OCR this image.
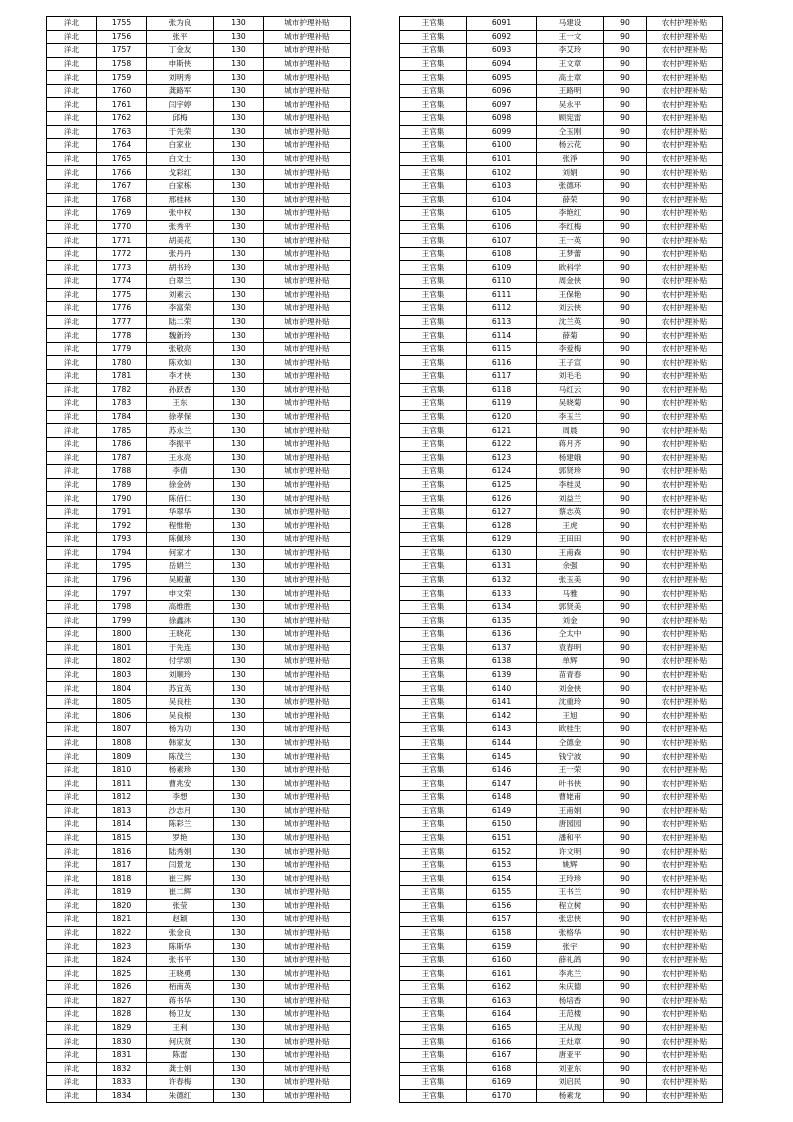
洋北	1755	张为良	130	城市护理补贴
洋北	1756	张平	130	城市护理补贴
洋北	1757	丁金友	130	城市护理补贴
洋北	1758	申斯侠	130	城市护理补贴
洋北	1759	刘明秀	130	城市护理补贴
洋北	1760	龚路军	130	城市护理补贴
洋北	1761	闫宇婷	130	城市护理补贴
洋北	1762	邱梅	130	城市护理补贴
洋北	1763	于先荣	130	城市护理补贴
洋北	1764	白家业	130	城市护理补贴
洋北	1765	白文士	130	城市护理补贴
洋北	1766	戈彩红	130	城市护理补贴
洋北	1767	白家栋	130	城市护理补贴
洋北	1768	邢桂林	130	城市护理补贴
洋北	1769	张中权	130	城市护理补贴
洋北	1770	张秀平	130	城市护理补贴
洋北	1771	胡美花	130	城市护理补贴
洋北	1772	张丹丹	130	城市护理补贴
洋北	1773	胡书玲	130	城市护理补贴
洋北	1774	白翠兰	130	城市护理补贴
洋北	1775	刘素云	130	城市护理补贴
洋北	1776	李富荣	130	城市护理补贴
洋北	1777	陆二荣	130	城市护理补贴
洋北	1778	魏新玲	130	城市护理补贴
洋北	1779	张敬亮	130	城市护理补贴
洋北	1780	陈欢如	130	城市护理补贴
洋北	1781	李才侠	130	城市护理补贴
洋北	1782	孙跃香	130	城市护理补贴
洋北	1783	王东	130	城市护理补贴
洋北	1784	徐孝保	130	城市护理补贴
洋北	1785	苏永兰	130	城市护理补贴
洋北	1786	李振平	130	城市护理补贴
洋北	1787	王永亮	130	城市护理补贴
洋北	1788	李倩	130	城市护理补贴
洋北	1789	徐金砖	130	城市护理补贴
洋北	1790	陈佰仁	130	城市护理补贴
洋北	1791	华翠华	130	城市护理补贴
洋北	1792	程惟艳	130	城市护理补贴
洋北	1793	陈佩珍	130	城市护理补贴
洋北	1794	何家才	130	城市护理补贴
洋北	1795	岳娟兰	130	城市护理补贴
洋北	1796	吴殿董	130	城市护理补贴
洋北	1797	申文荣	130	城市护理补贴
洋北	1798	高维胜	130	城市护理补贴
洋北	1799	徐鑫沐	130	城市护理补贴
洋北	1800	王晓花	130	城市护理补贴
洋北	1801	于先连	130	城市护理补贴
洋北	1802	付学颂	130	城市护理补贴
洋北	1803	刘顺玲	130	城市护理补贴
洋北	1804	苏宜英	130	城市护理补贴
洋北	1805	吴良柱	130	城市护理补贴
洋北	1806	吴良根	130	城市护理补贴
洋北	1807	杨为功	130	城市护理补贴
洋北	1808	韩家友	130	城市护理补贴
洋北	1809	陈茂兰	130	城市护理补贴
洋北	1810	杨素珍	130	城市护理补贴
洋北	1811	曹兆安	130	城市护理补贴
洋北	1812	李想	130	城市护理补贴
洋北	1813	沙志月	130	城市护理补贴
洋北	1814	陈彩兰	130	城市护理补贴
洋北	1815	罗艳	130	城市护理补贴
洋北	1816	陆秀娟	130	城市护理补贴
洋北	1817	闫景龙	130	城市护理补贴
洋北	1818	崔三辉	130	城市护理补贴
洋北	1819	崔二辉	130	城市护理补贴
洋北	1820	张莹	130	城市护理补贴
洋北	1821	赵颖	130	城市护理补贴
洋北	1822	张金良	130	城市护理补贴
洋北	1823	陈斯华	130	城市护理补贴
洋北	1824	张书平	130	城市护理补贴
洋北	1825	王晓勇	130	城市护理补贴
洋北	1826	栢南英	130	城市护理补贴
洋北	1827	蒋书华	130	城市护理补贴
洋北	1828	杨卫友	130	城市护理补贴
洋北	1829	王利	130	城市护理补贴
洋北	1830	何庆贤	130	城市护理补贴
洋北	1831	陈雷	130	城市护理补贴
洋北	1832	龚士娟	130	城市护理补贴
洋北	1833	许春梅	130	城市护理补贴
洋北	1834	朱德红	130	城市护理补贴
王官集	6091	马建设	90	农村护理补贴
王官集	6092	王一文	90	农村护理补贴
王官集	6093	李艾玲	90	农村护理补贴
王官集	6094	王文章	90	农村护理补贴
王官集	6095	高士章	90	农村护理补贴
王官集	6096	王路明	90	农村护理补贴
王官集	6097	吴永平	90	农村护理补贴
王官集	6098	顾宪雷	90	农村护理补贴
王官集	6099	仝玉刚	90	农村护理补贴
王官集	6100	杨云花	90	农村护理补贴
王官集	6101	张淨	90	农村护理补贴
王官集	6102	刘娟	90	农村护理补贴
王官集	6103	张德环	90	农村护理补贴
王官集	6104	薛荣	90	农村护理补贴
王官集	6105	李艳红	90	农村护理补贴
王官集	6106	李红梅	90	农村护理补贴
王官集	6107	王一英	90	农村护理补贴
王官集	6108	王梦蕾	90	农村护理补贴
王官集	6109	欧科学	90	农村护理补贴
王官集	6110	周金侠	90	农村护理补贴
王官集	6111	王保艳	90	农村护理补贴
王官集	6112	刘云侠	90	农村护理补贴
王官集	6113	沈兰英	90	农村护理补贴
王官集	6114	薛菊	90	农村护理补贴
王官集	6115	李爱梅	90	农村护理补贴
王官集	6116	王子宣	90	农村护理补贴
王官集	6117	刘毛毛	90	农村护理补贴
王官集	6118	马红云	90	农村护理补贴
王官集	6119	吴晓菊	90	农村护理补贴
王官集	6120	李玉兰	90	农村护理补贴
王官集	6121	周晨	90	农村护理补贴
王官集	6122	蒋月齐	90	农村护理补贴
王官集	6123	杨建娥	90	农村护理补贴
王官集	6124	郭贤珍	90	农村护理补贴
王官集	6125	李桂灵	90	农村护理补贴
王官集	6126	刘益兰	90	农村护理补贴
王官集	6127	蔡志英	90	农村护理补贴
王官集	6128	王虎	90	农村护理补贴
王官集	6129	王田田	90	农村护理补贴
王官集	6130	王甫森	90	农村护理补贴
王官集	6131	余强	90	农村护理补贴
王官集	6132	张玉美	90	农村护理补贴
王官集	6133	马雅	90	农村护理补贴
王官集	6134	郭贤美	90	农村护理补贴
王官集	6135	刘金	90	农村护理补贴
王官集	6136	仝太中	90	农村护理补贴
王官集	6137	袁春明	90	农村护理补贴
王官集	6138	单辉	90	农村护理补贴
王官集	6139	苗青春	90	农村护理补贴
王官集	6140	刘金侠	90	农村护理补贴
王官集	6141	沈重玲	90	农村护理补贴
王官集	6142	王旭	90	农村护理补贴
王官集	6143	欧桂生	90	农村护理补贴
王官集	6144	仝德金	90	农村护理补贴
王官集	6145	钱宁波	90	农村护理补贴
王官集	6146	王一荣	90	农村护理补贴
王官集	6147	叶书侠	90	农村护理补贴
王官集	6148	曹姥甫	90	农村护理补贴
王官集	6149	王甫娟	90	农村护理补贴
王官集	6150	唐园园	90	农村护理补贴
王官集	6151	潘和平	90	农村护理补贴
王官集	6152	许文明	90	农村护理补贴
王官集	6153	姚辉	90	农村护理补贴
王官集	6154	王玲珍	90	农村护理补贴
王官集	6155	王书兰	90	农村护理补贴
王官集	6156	程立树	90	农村护理补贴
王官集	6157	张忠侠	90	农村护理补贴
王官集	6158	张格华	90	农村护理补贴
王官集	6159	张宇	90	农村护理补贴
王官集	6160	薛礼鸽	90	农村护理补贴
王官集	6161	李兆兰	90	农村护理补贴
王官集	6162	朱庆德	90	农村护理补贴
王官集	6163	杨培香	90	农村护理补贴
王官集	6164	王范楼	90	农村护理补贴
王官集	6165	王从现	90	农村护理补贴
王官集	6166	王灶章	90	农村护理补贴
王官集	6167	唐亚平	90	农村护理补贴
王官集	6168	刘亚东	90	农村护理补贴
王官集	6169	刘启民	90	农村护理补贴
王官集	6170	杨素龙	90	农村护理补贴
